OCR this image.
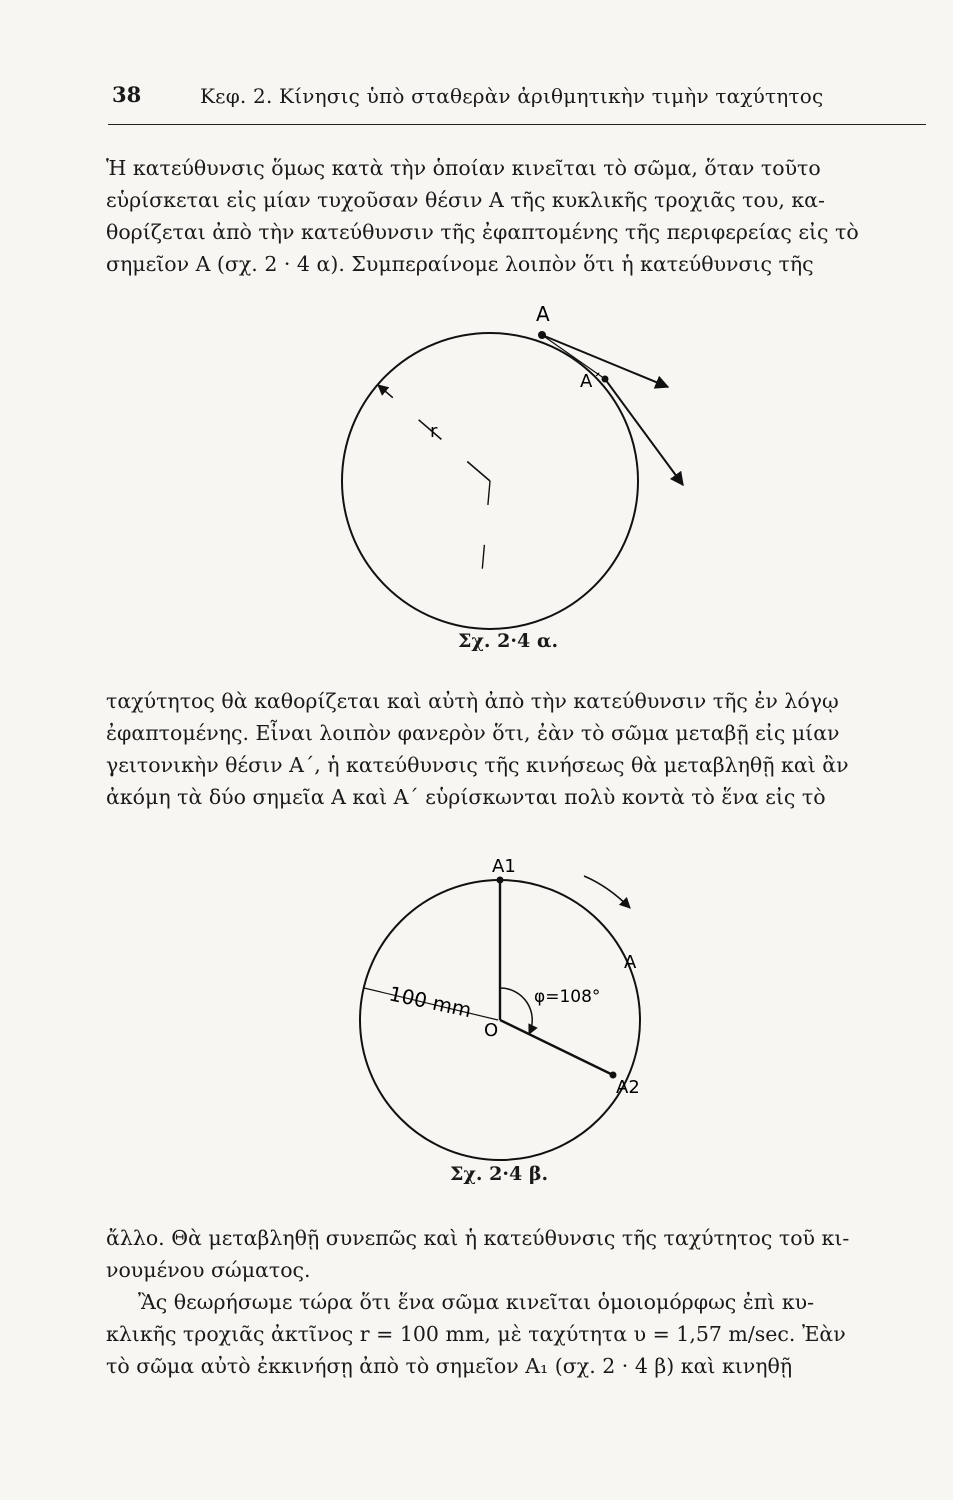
38	Κεφ. 2. Κίνησις ὑπὸ σταθερὰν ἀριθμητικὴν τιμὴν ταχύτητος

Ἡ κατεύθυνσις ὅμως κατὰ τὴν ὁποίαν κινεῖται τὸ σῶμα, ὅταν τοῦτο
εὑρίσκεται εἰς μίαν τυχοῦσαν θέσιν Α τῆς κυκλικῆς τροχιᾶς του, κα-
θορίζεται ἀπὸ τὴν κατεύθυνσιν τῆς ἐφαπτομένης τῆς περιφερείας εἰς τὸ
σημεῖον Α (σχ. 2 · 4 α). Συμπεραίνομε λοιπὸν ὅτι ἡ κατεύθυνσις τῆς

Α
Α΄
r
Σχ. 2·4 α.

ταχύτητος θὰ καθορίζεται καὶ αὐτὴ ἀπὸ τὴν κατεύθυνσιν τῆς ἐν λόγῳ
ἐφαπτομένης. Εἶναι λοιπὸν φανερὸν ὅτι, ἐὰν τὸ σῶμα μεταβῇ εἰς μίαν
γειτονικὴν θέσιν Α΄, ἡ κατεύθυνσις τῆς κινήσεως θὰ μεταβληθῇ καὶ ἂν
ἀκόμη τὰ δύο σημεῖα Α καὶ Α΄ εὑρίσκωνται πολὺ κοντὰ τὸ ἕνα εἰς τὸ

A1
A
A2
O
100 mm	φ=108°
Σχ. 2·4 β.

ἄλλο. Θὰ μεταβληθῇ συνεπῶς καὶ ἡ κατεύθυνσις τῆς ταχύτητος τοῦ κι-
νουμένου σώματος.

Ἂς θεωρήσωμε τώρα ὅτι ἕνα σῶμα κινεῖται ὁμοιομόρφως ἐπὶ κυ-
κλικῆς τροχιᾶς ἀκτῖνος r = 100 mm, μὲ ταχύτητα υ = 1,57 m/sec. Ἐὰν
τὸ σῶμα αὐτὸ ἐκκινήσῃ ἀπὸ τὸ σημεῖον Α₁ (σχ. 2 · 4 β) καὶ κινηθῇ
